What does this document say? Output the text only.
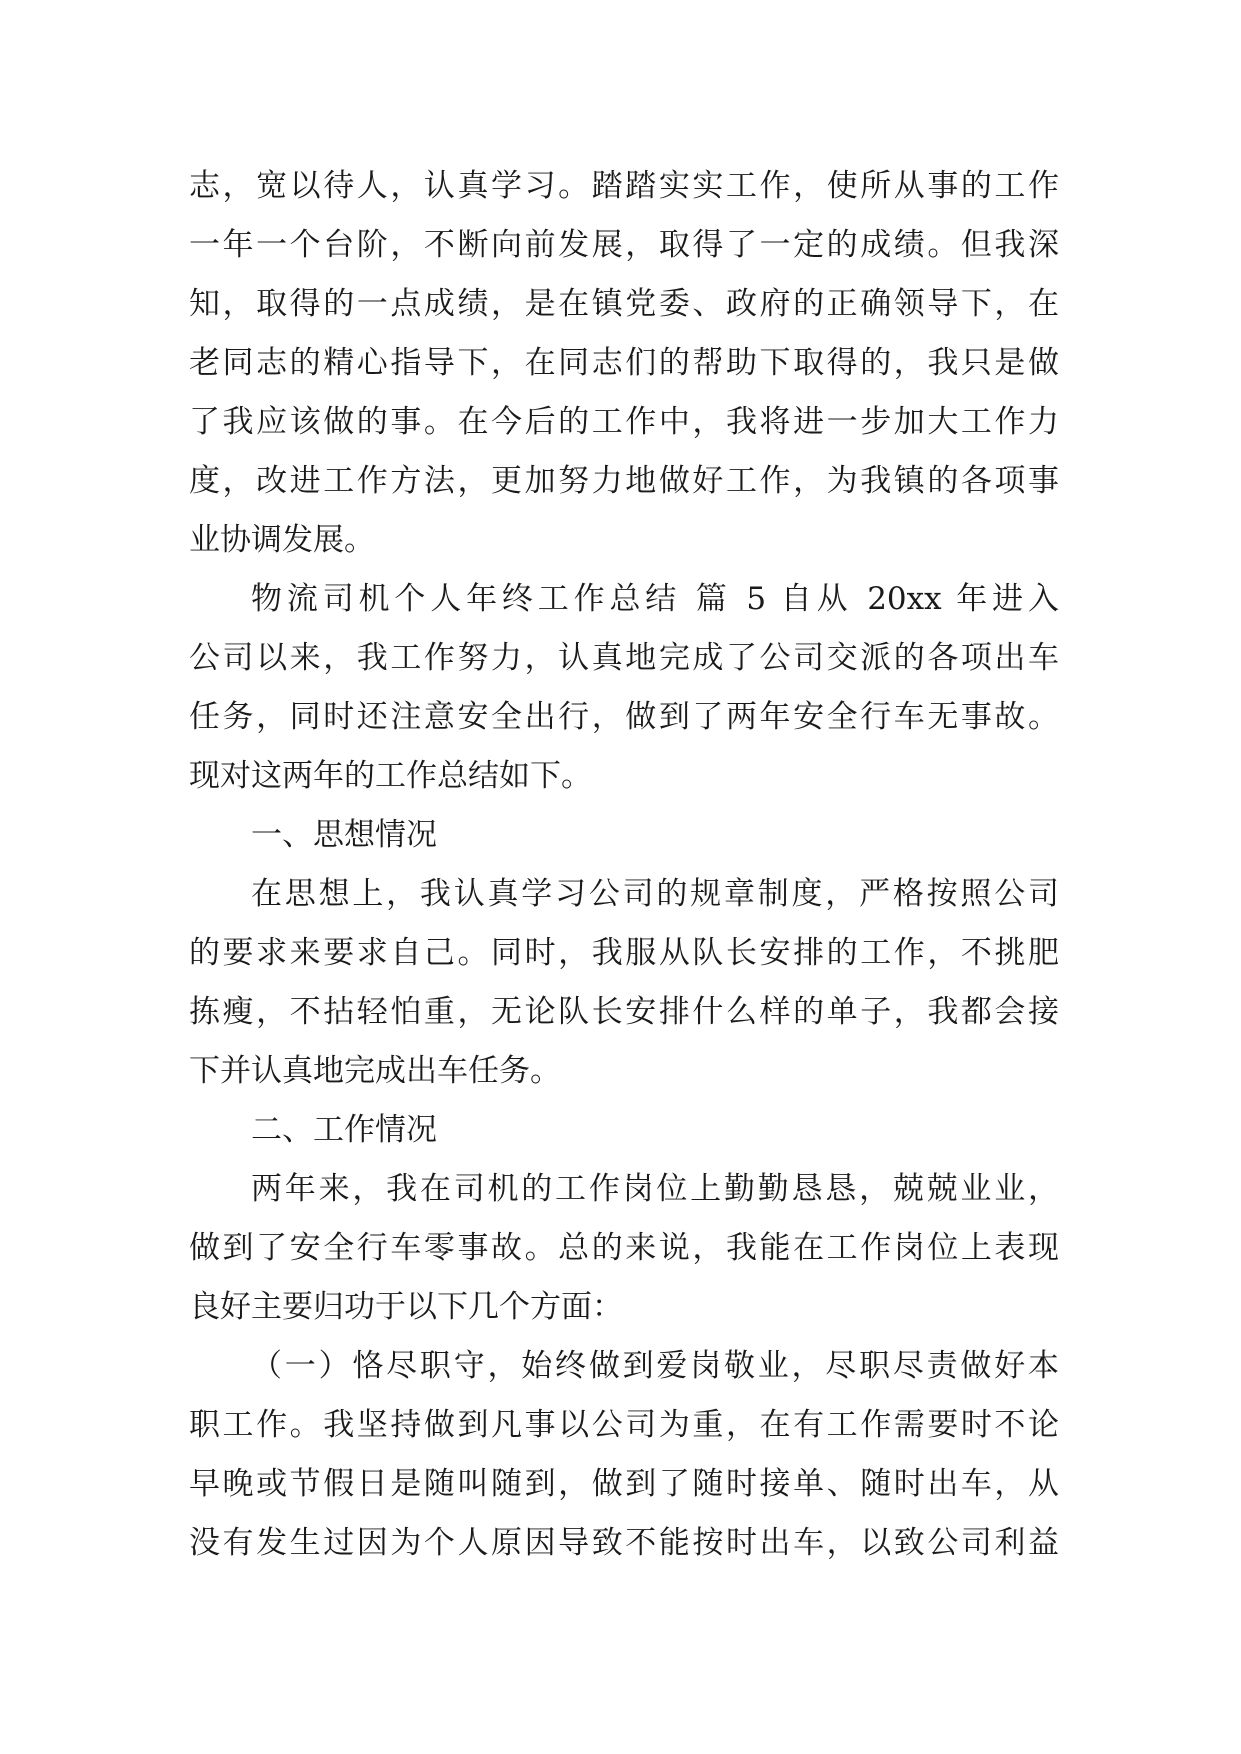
志，宽以待人，认真学习。踏踏实实工作，使所从事的工作
一年一个台阶，不断向前发展，取得了一定的成绩。但我深
知，取得的一点成绩，是在镇党委、政府的正确领导下，在
老同志的精心指导下，在同志们的帮助下取得的，我只是做
了我应该做的事。在今后的工作中，我将进一步加大工作力
度，改进工作方法，更加努力地做好工作，为我镇的各项事
业协调发展。
物流司机个人年终工作总结 篇 5 自从 20xx 年进入
公司以来，我工作努力，认真地完成了公司交派的各项出车
任务，同时还注意安全出行，做到了两年安全行车无事故。
现对这两年的工作总结如下。
一、思想情况
在思想上，我认真学习公司的规章制度，严格按照公司
的要求来要求自己。同时，我服从队长安排的工作，不挑肥
拣瘦，不拈轻怕重，无论队长安排什么样的单子，我都会接
下并认真地完成出车任务。
二、工作情况
两年来，我在司机的工作岗位上勤勤恳恳，兢兢业业，
做到了安全行车零事故。总的来说，我能在工作岗位上表现
良好主要归功于以下几个方面：
（一）恪尽职守，始终做到爱岗敬业，尽职尽责做好本
职工作。我坚持做到凡事以公司为重，在有工作需要时不论
早晚或节假日是随叫随到，做到了随时接单、随时出车，从
没有发生过因为个人原因导致不能按时出车，以致公司利益
